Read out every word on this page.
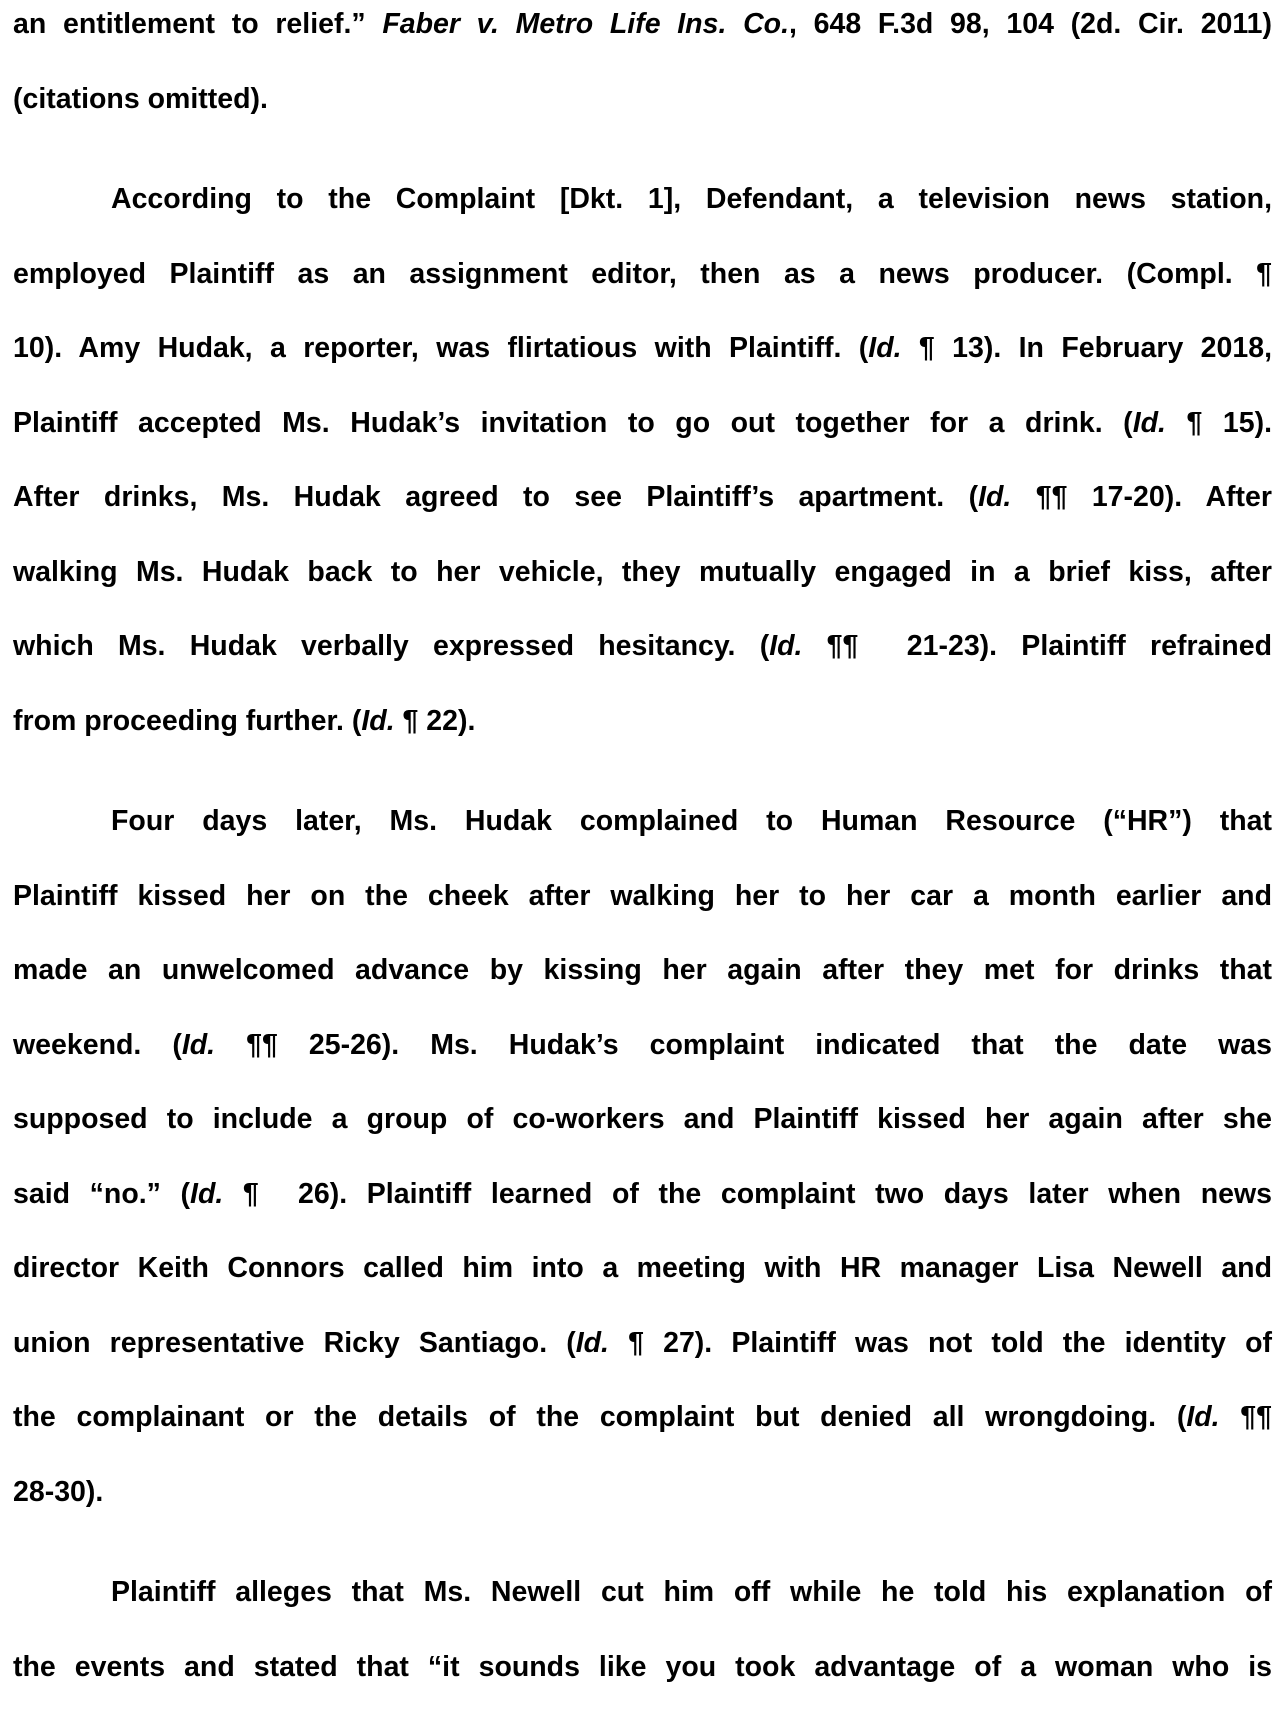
an entitlement to relief.” Faber v. Metro Life Ins. Co., 648 F.3d 98, 104 (2d. Cir. 2011)
(citations omitted).
According to the Complaint [Dkt. 1], Defendant, a television news station,
employed Plaintiff as an assignment editor, then as a news producer. (Compl. ¶
10). Amy Hudak, a reporter, was flirtatious with Plaintiff. (Id. ¶ 13). In February 2018,
Plaintiff accepted Ms. Hudak’s invitation to go out together for a drink. (Id. ¶ 15).
After drinks, Ms. Hudak agreed to see Plaintiff’s apartment. (Id. ¶¶ 17-20). After
walking Ms. Hudak back to her vehicle, they mutually engaged in a brief kiss, after
which Ms. Hudak verbally expressed hesitancy. (Id. ¶¶  21-23). Plaintiff refrained
from proceeding further. (Id. ¶ 22).
Four days later, Ms. Hudak complained to Human Resource (“HR”) that
Plaintiff kissed her on the cheek after walking her to her car a month earlier and
made an unwelcomed advance by kissing her again after they met for drinks that
weekend. (Id. ¶¶ 25-26). Ms. Hudak’s complaint indicated that the date was
supposed to include a group of co-workers and Plaintiff kissed her again after she
said “no.” (Id. ¶  26). Plaintiff learned of the complaint two days later when news
director Keith Connors called him into a meeting with HR manager Lisa Newell and
union representative Ricky Santiago. (Id. ¶ 27). Plaintiff was not told the identity of
the complainant or the details of the complaint but denied all wrongdoing. (Id. ¶¶
28-30).
Plaintiff alleges that Ms. Newell cut him off while he told his explanation of
the events and stated that “it sounds like you took advantage of a woman who is
